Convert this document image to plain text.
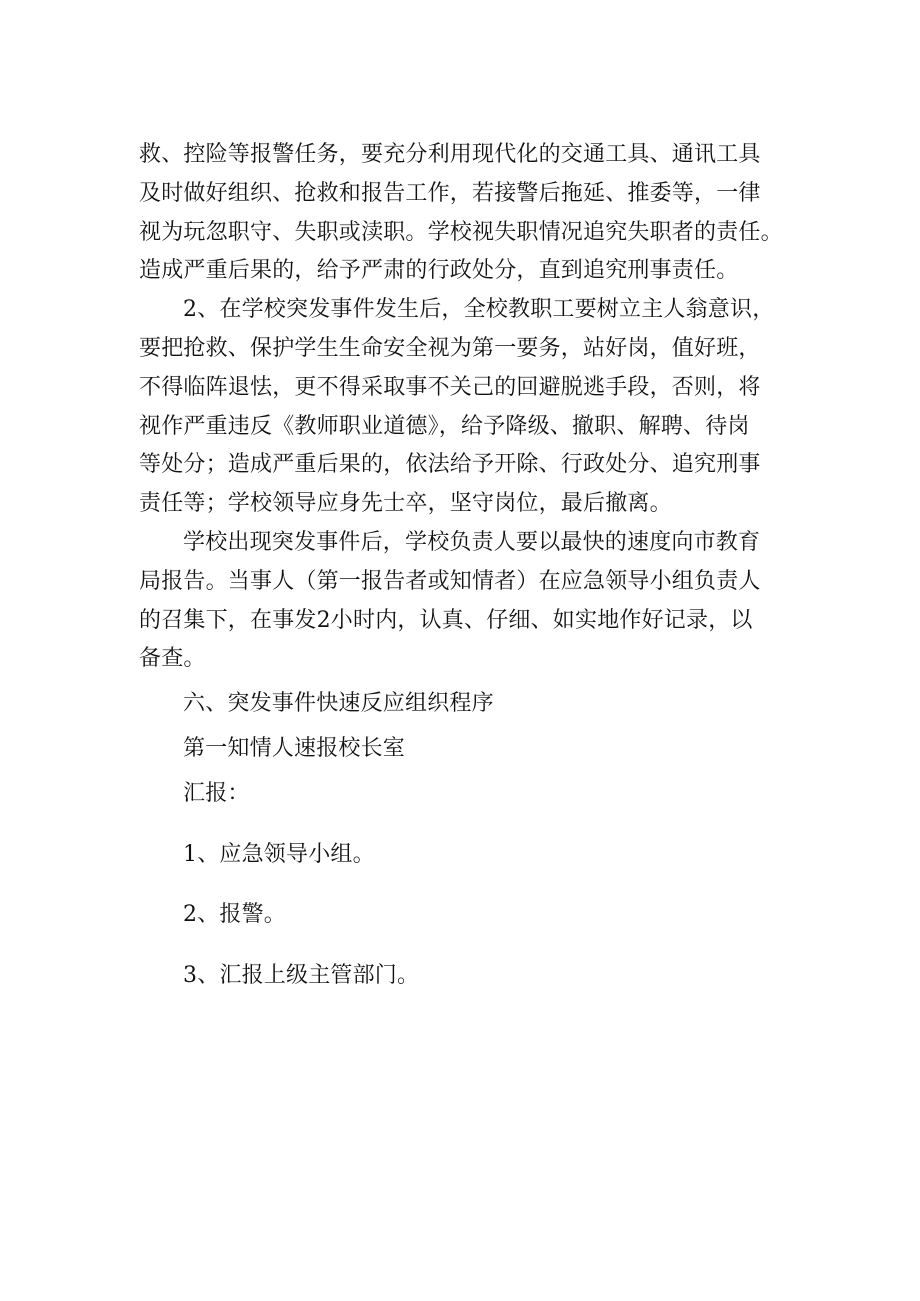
救、控险等报警任务，要充分利用现代化的交通工具、通讯工具
及时做好组织、抢救和报告工作，若接警后拖延、推委等，一律
视为玩忽职守、失职或渎职。学校视失职情况追究失职者的责任。
造成严重后果的，给予严肃的行政处分，直到追究刑事责任。
2、在学校突发事件发生后，全校教职工要树立主人翁意识，
要把抢救、保护学生生命安全视为第一要务，站好岗，值好班，
不得临阵退怯，更不得采取事不关己的回避脱逃手段，否则，将
视作严重违反《教师职业道德》，给予降级、撤职、解聘、待岗
等处分；造成严重后果的，依法给予开除、行政处分、追究刑事
责任等；学校领导应身先士卒，坚守岗位，最后撤离。
学校出现突发事件后，学校负责人要以最快的速度向市教育
局报告。当事人（第一报告者或知情者）在应急领导小组负责人
的召集下，在事发2小时内，认真、仔细、如实地作好记录，以
备查。
六、突发事件快速反应组织程序
第一知情人速报校长室
汇报：
1、应急领导小组。
2、报警。
3、汇报上级主管部门。
